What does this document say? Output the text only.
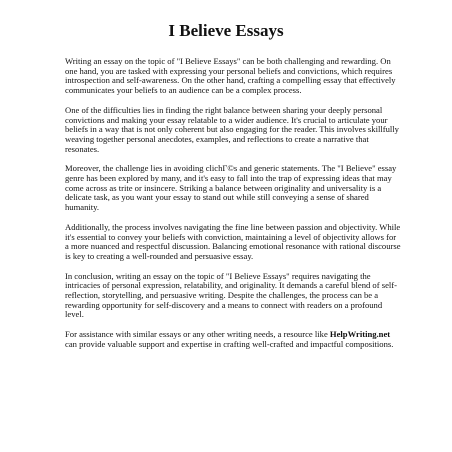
I Believe Essays

Writing an essay on the topic of "I Believe Essays" can be both challenging and rewarding. On one hand, you are tasked with expressing your personal beliefs and convictions, which requires introspection and self-awareness. On the other hand, crafting a compelling essay that effectively communicates your beliefs to an audience can be a complex process.

One of the difficulties lies in finding the right balance between sharing your deeply personal convictions and making your essay relatable to a wider audience. It's crucial to articulate your beliefs in a way that is not only coherent but also engaging for the reader. This involves skillfully weaving together personal anecdotes, examples, and reflections to create a narrative that resonates.

Moreover, the challenge lies in avoiding clichГ©s and generic statements. The "I Believe" essay genre has been explored by many, and it's easy to fall into the trap of expressing ideas that may come across as trite or insincere. Striking a balance between originality and universality is a delicate task, as you want your essay to stand out while still conveying a sense of shared humanity.

Additionally, the process involves navigating the fine line between passion and objectivity. While it's essential to convey your beliefs with conviction, maintaining a level of objectivity allows for a more nuanced and respectful discussion. Balancing emotional resonance with rational discourse is key to creating a well-rounded and persuasive essay.

In conclusion, writing an essay on the topic of "I Believe Essays" requires navigating the intricacies of personal expression, relatability, and originality. It demands a careful blend of self-reflection, storytelling, and persuasive writing. Despite the challenges, the process can be a rewarding opportunity for self-discovery and a means to connect with readers on a profound level.

For assistance with similar essays or any other writing needs, a resource like HelpWriting.net can provide valuable support and expertise in crafting well-crafted and impactful compositions.
